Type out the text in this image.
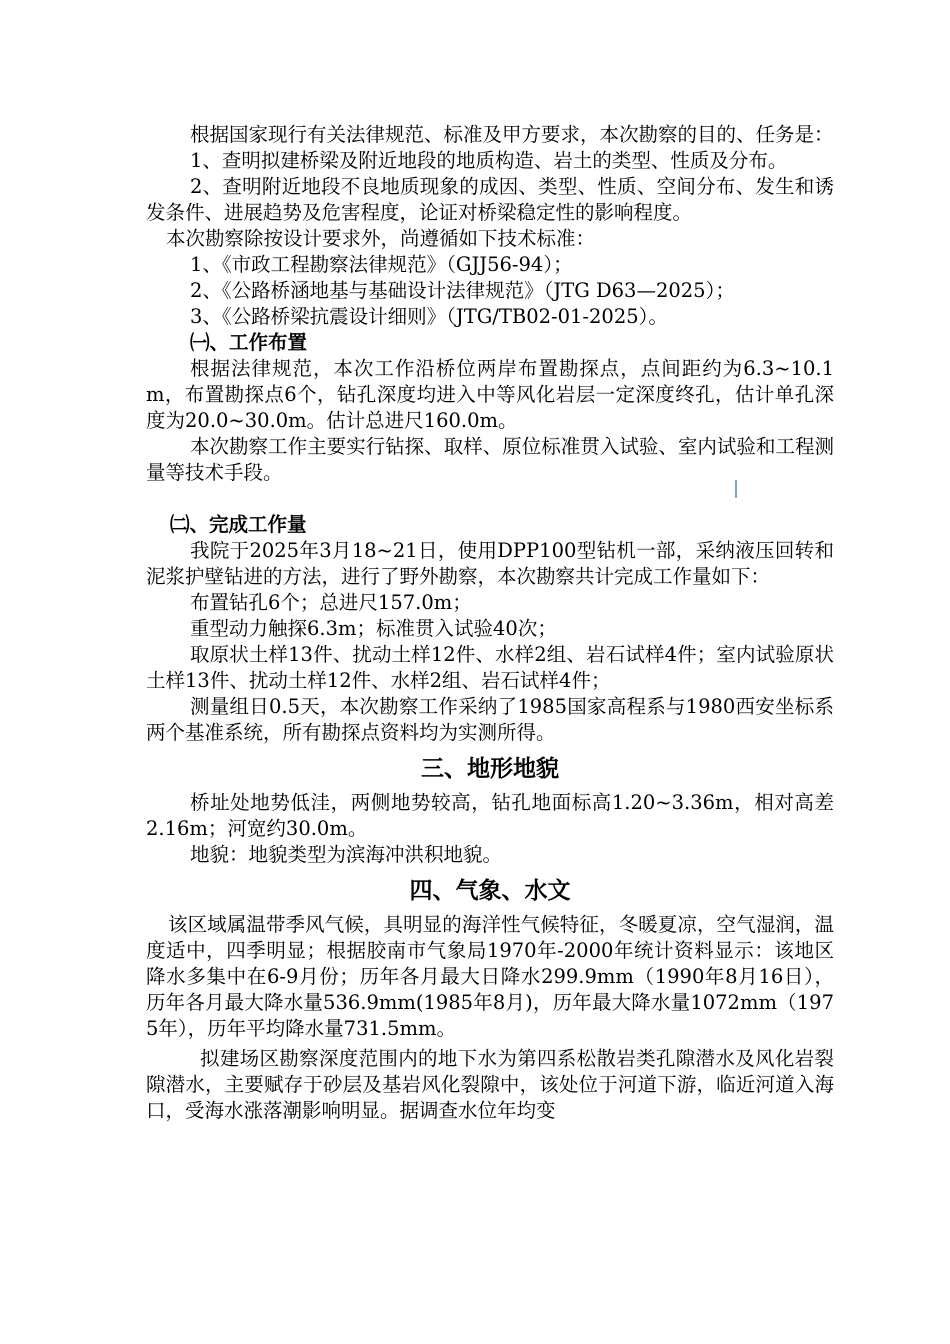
根据国家现行有关法律规范、标准及甲方要求，本次勘察的目的、任务是：

1、查明拟建桥梁及附近地段的地质构造、岩土的类型、性质及分布。

2、查明附近地段不良地质现象的成因、类型、性质、空间分布、发生和诱发条件、进展趋势及危害程度，论证对桥梁稳定性的影响程度。

本次勘察除按设计要求外，尚遵循如下技术标准：

1、《市政工程勘察法律规范》（GJJ56-94）；

2、《公路桥涵地基与基础设计法律规范》（JTG D63—2025）；

3、《公路桥梁抗震设计细则》（JTG/TB02-01-2025）。

㈠、工作布置

根据法律规范，本次工作沿桥位两岸布置勘探点，点间距约为6.3~10.1m，布置勘探点6个，钻孔深度均进入中等风化岩层一定深度终孔，估计单孔深度为20.0~30.0m。估计总进尺160.0m。

本次勘察工作主要实行钻探、取样、原位标准贯入试验、室内试验和工程测量等技术手段。

㈡、完成工作量

我院于2025年3月18~21日，使用DPP100型钻机一部，采纳液压回转和泥浆护壁钻进的方法，进行了野外勘察，本次勘察共计完成工作量如下：

布置钻孔6个；总进尺157.0m；

重型动力触探6.3m；标准贯入试验40次；

取原状土样13件、扰动土样12件、水样2组、岩石试样4件；室内试验原状土样13件、扰动土样12件、水样2组、岩石试样4件；

测量组日0.5天，本次勘察工作采纳了1985国家高程系与1980西安坐标系两个基准系统，所有勘探点资料均为实测所得。

三、地形地貌

桥址处地势低洼，两侧地势较高，钻孔地面标高1.20~3.36m，相对高差2.16m；河宽约30.0m。

地貌：地貌类型为滨海冲洪积地貌。

四、气象、水文

该区域属温带季风气候，具明显的海洋性气候特征，冬暖夏凉，空气湿润，温度适中，四季明显；根据胶南市气象局1970年-2000年统计资料显示：该地区降水多集中在6-9月份；历年各月最大日降水299.9mm（1990年8月16日），历年各月最大降水量536.9mm(1985年8月)，历年最大降水量1072mm（1975年），历年平均降水量731.5mm。

拟建场区勘察深度范围内的地下水为第四系松散岩类孔隙潜水及风化岩裂隙潜水，主要赋存于砂层及基岩风化裂隙中，该处位于河道下游，临近河道入海口，受海水涨落潮影响明显。据调查水位年均变
